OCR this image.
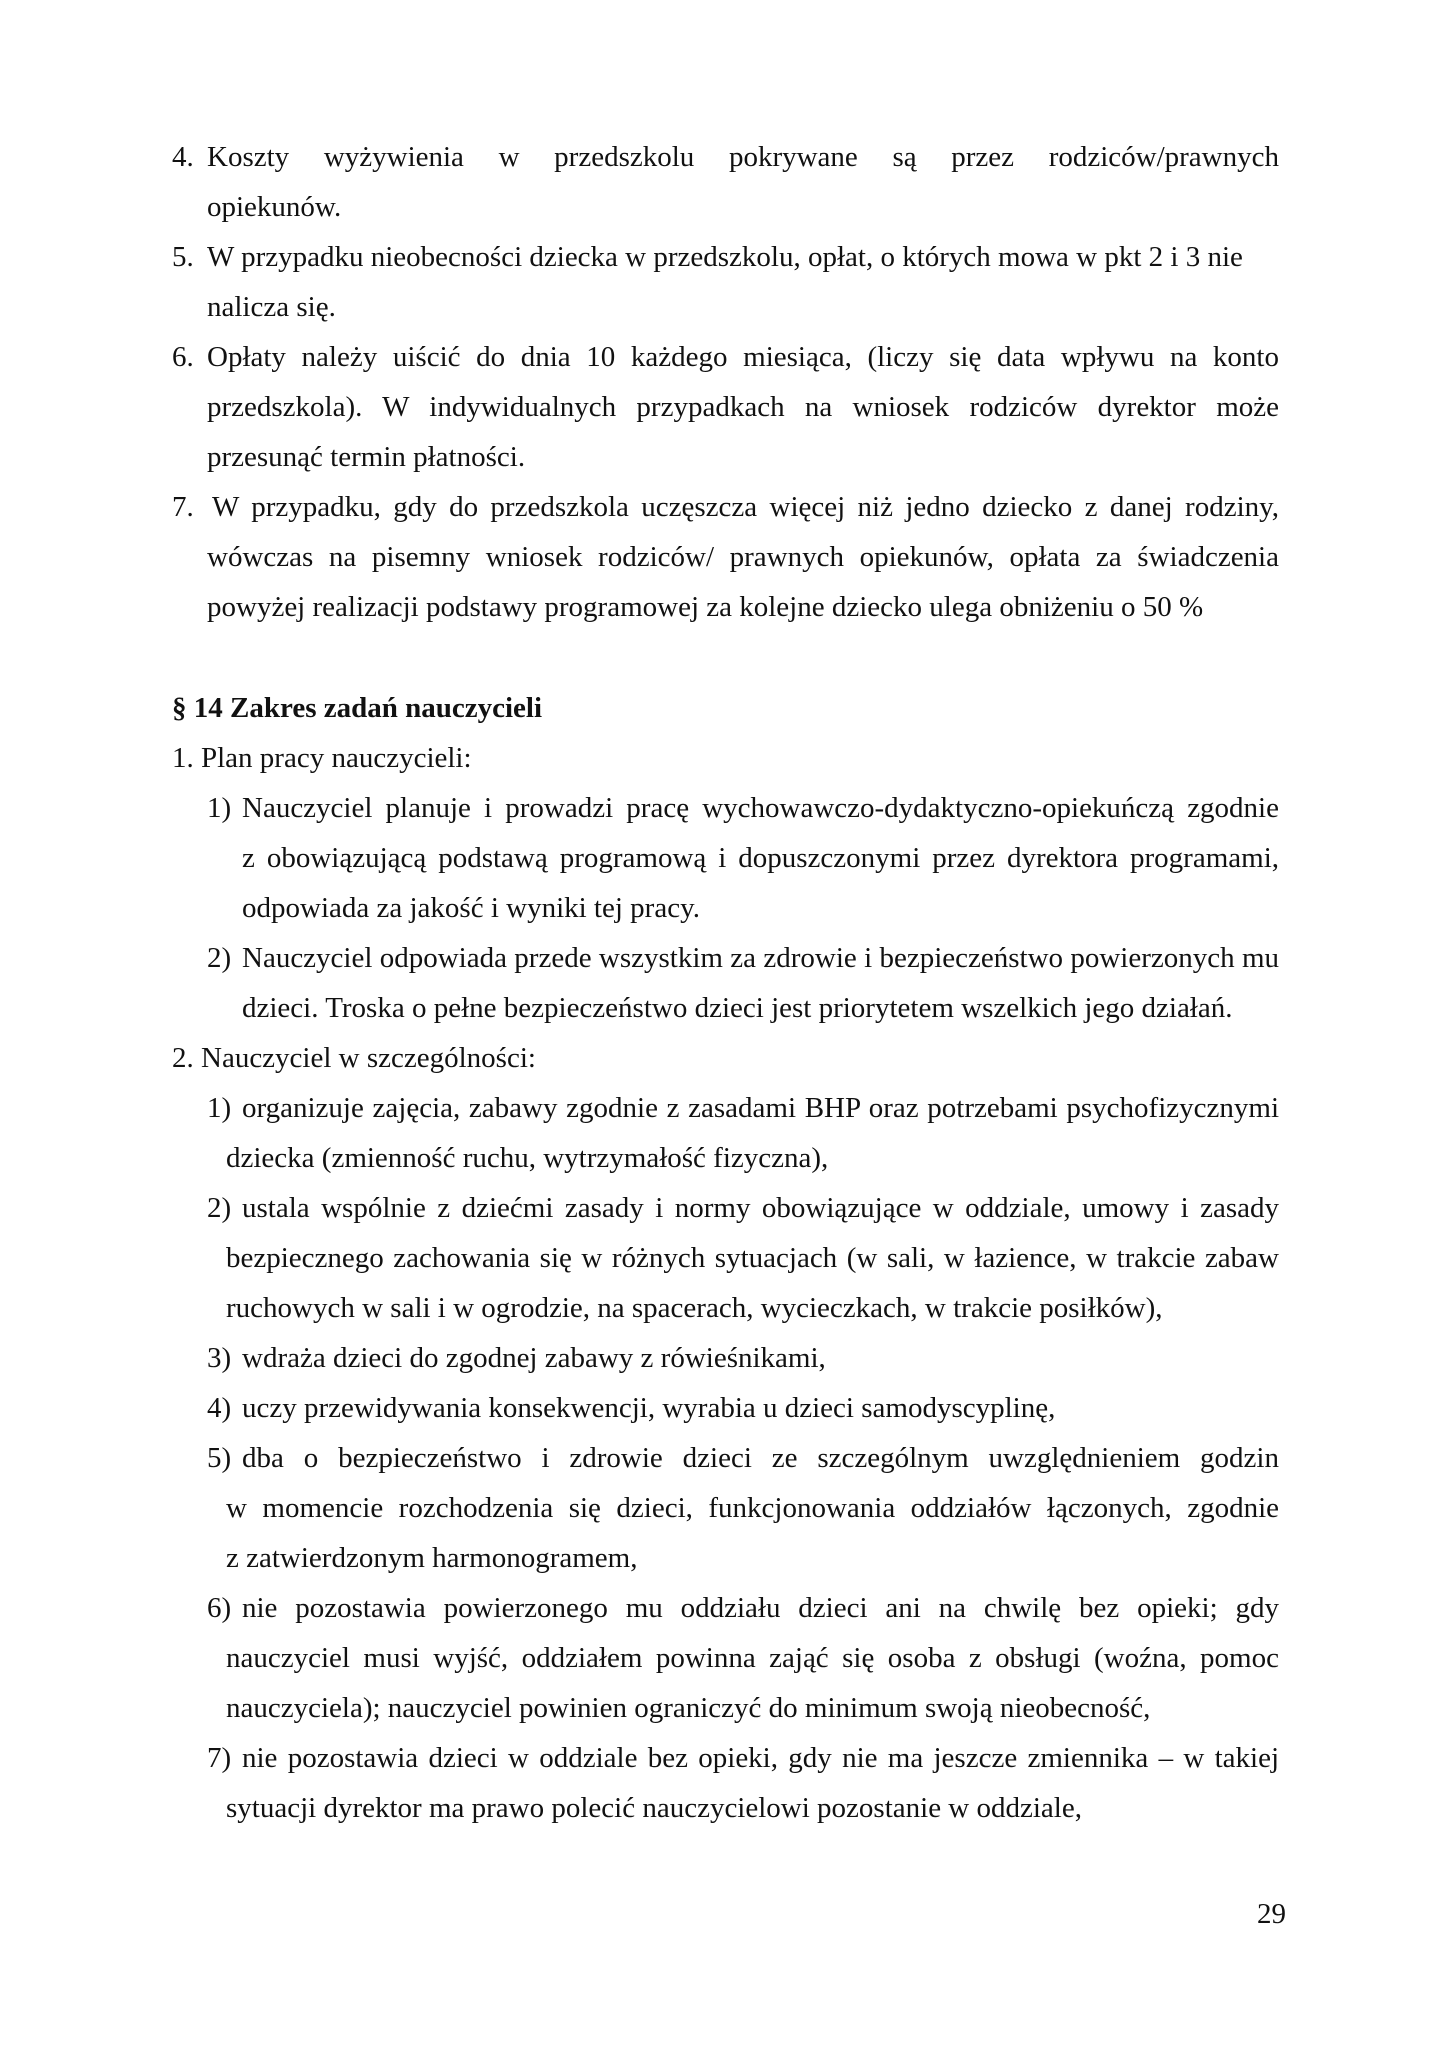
4. Koszty wyżywienia w przedszkolu pokrywane są przez rodziców/prawnych
opiekunów.
5. W przypadku nieobecności dziecka w przedszkolu, opłat, o których mowa w pkt 2 i 3 nie
nalicza się.
6. Opłaty należy uiścić do dnia 10 każdego miesiąca, (liczy się data wpływu na konto
przedszkola). W indywidualnych przypadkach na wniosek rodziców dyrektor może
przesunąć termin płatności.
7. W przypadku, gdy do przedszkola uczęszcza więcej niż jedno dziecko z danej rodziny,
wówczas na pisemny wniosek rodziców/ prawnych opiekunów, opłata za świadczenia
powyżej realizacji podstawy programowej za kolejne dziecko ulega obniżeniu o 50 %
§ 14 Zakres zadań nauczycieli
1. Plan pracy nauczycieli:
1) Nauczyciel planuje i prowadzi pracę wychowawczo-dydaktyczno-opiekuńczą zgodnie
z obowiązującą podstawą programową i dopuszczonymi przez dyrektora programami,
odpowiada za jakość i wyniki tej pracy.
2) Nauczyciel odpowiada przede wszystkim za zdrowie i bezpieczeństwo powierzonych mu
dzieci. Troska o pełne bezpieczeństwo dzieci jest priorytetem wszelkich jego działań.
2. Nauczyciel w szczególności:
1) organizuje zajęcia, zabawy zgodnie z zasadami BHP oraz potrzebami psychofizycznymi
dziecka (zmienność ruchu, wytrzymałość fizyczna),
2) ustala wspólnie z dziećmi zasady i normy obowiązujące w oddziale, umowy i zasady
bezpiecznego zachowania się w różnych sytuacjach (w sali, w łazience, w trakcie zabaw
ruchowych w sali i w ogrodzie, na spacerach, wycieczkach, w trakcie posiłków),
3) wdraża dzieci do zgodnej zabawy z rówieśnikami,
4) uczy przewidywania konsekwencji, wyrabia u dzieci samodyscyplinę,
5) dba o bezpieczeństwo i zdrowie dzieci ze szczególnym uwzględnieniem godzin
w momencie rozchodzenia się dzieci, funkcjonowania oddziałów łączonych, zgodnie
z zatwierdzonym harmonogramem,
6) nie pozostawia powierzonego mu oddziału dzieci ani na chwilę bez opieki; gdy
nauczyciel musi wyjść, oddziałem powinna zająć się osoba z obsługi (woźna, pomoc
nauczyciela); nauczyciel powinien ograniczyć do minimum swoją nieobecność,
7) nie pozostawia dzieci w oddziale bez opieki, gdy nie ma jeszcze zmiennika – w takiej
sytuacji dyrektor ma prawo polecić nauczycielowi pozostanie w oddziale,
29
